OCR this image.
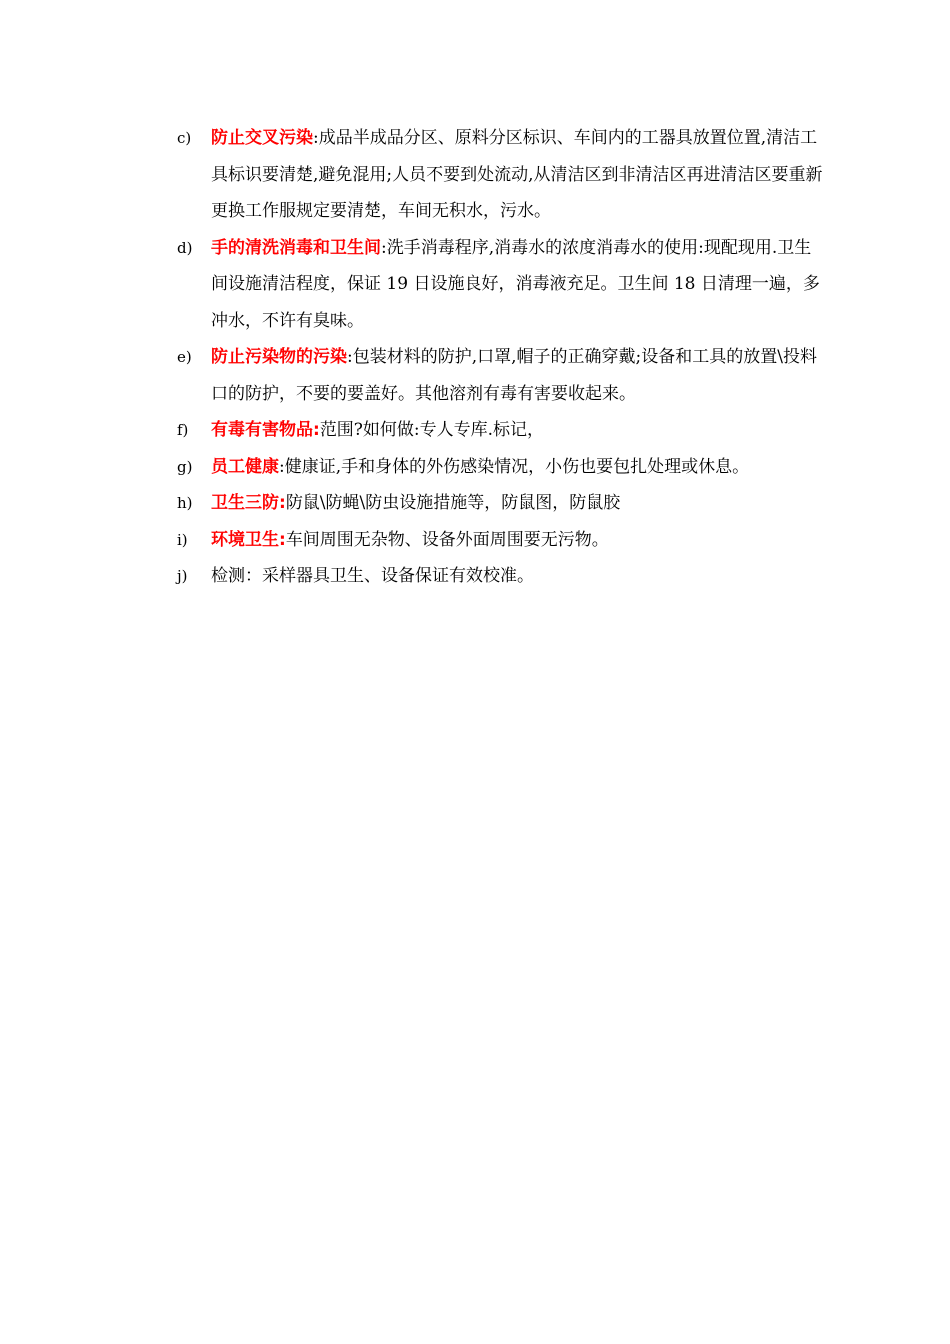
c) 防止交叉污染:成品半成品分区、原料分区标识、车间内的工器具放置位置,清洁工具标识要清楚,避免混用;人员不要到处流动,从清洁区到非清洁区再进清洁区要重新更换工作服规定要清楚，车间无积水，污水。
d) 手的清洗消毒和卫生间:洗手消毒程序,消毒水的浓度消毒水的使用:现配现用.卫生间设施清洁程度，保证 19 日设施良好，消毒液充足。卫生间 18 日清理一遍，多冲水，不许有臭味。
e) 防止污染物的污染:包装材料的防护,口罩,帽子的正确穿戴;设备和工具的放置\投料口的防护，不要的要盖好。其他溶剂有毒有害要收起来。
f) 有毒有害物品:范围?如何做:专人专库.标记，
g) 员工健康:健康证,手和身体的外伤感染情况，小伤也要包扎处理或休息。
h) 卫生三防:防鼠\防蝇\防虫设施措施等，防鼠图，防鼠胶
i) 环境卫生:车间周围无杂物、设备外面周围要无污物。
j) 检测：采样器具卫生、设备保证有效校准。
